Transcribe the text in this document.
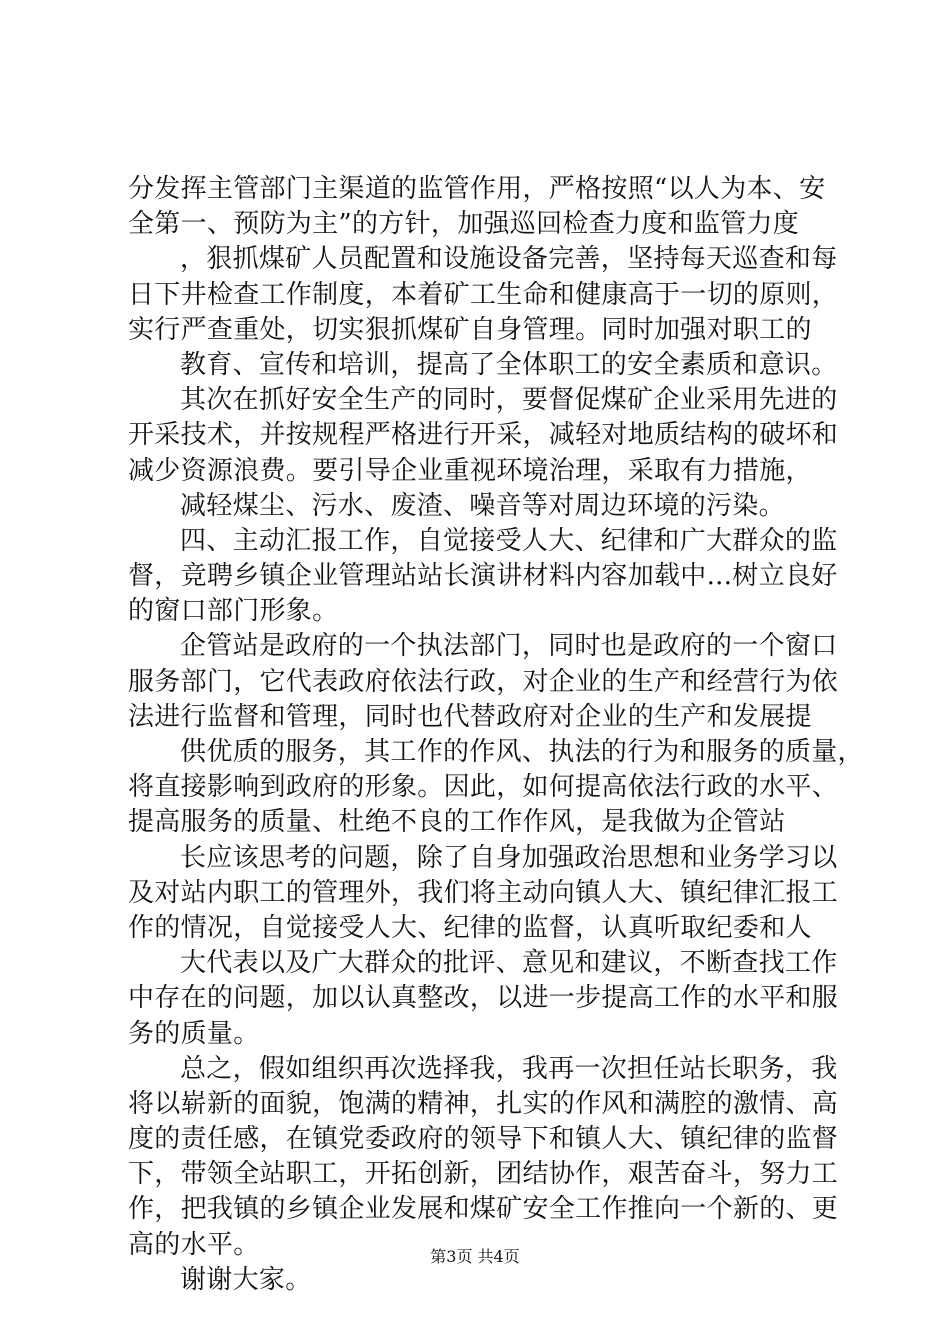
分发挥主管部门主渠道的监管作用，严格按照“以人为本、安
全第一、预防为主”的方针，加强巡回检查力度和监管力度
，狠抓煤矿人员配置和设施设备完善，坚持每天巡查和每
日下井检查工作制度，本着矿工生命和健康高于一切的原则，
实行严查重处，切实狠抓煤矿自身管理。同时加强对职工的
教育、宣传和培训，提高了全体职工的安全素质和意识。
其次在抓好安全生产的同时，要督促煤矿企业采用先进的
开采技术，并按规程严格进行开采，减轻对地质结构的破坏和
减少资源浪费。要引导企业重视环境治理，采取有力措施，
减轻煤尘、污水、废渣、噪音等对周边环境的污染。
四、主动汇报工作，自觉接受人大、纪律和广大群众的监
督，竞聘乡镇企业管理站站长演讲材料内容加载中...树立良好
的窗口部门形象。
企管站是政府的一个执法部门，同时也是政府的一个窗口
服务部门，它代表政府依法行政，对企业的生产和经营行为依
法进行监督和管理，同时也代替政府对企业的生产和发展提
供优质的服务，其工作的作风、执法的行为和服务的质量，
将直接影响到政府的形象。因此，如何提高依法行政的水平、
提高服务的质量、杜绝不良的工作作风，是我做为企管站
长应该思考的问题，除了自身加强政治思想和业务学习以
及对站内职工的管理外，我们将主动向镇人大、镇纪律汇报工
作的情况，自觉接受人大、纪律的监督，认真听取纪委和人
大代表以及广大群众的批评、意见和建议，不断查找工作
中存在的问题，加以认真整改，以进一步提高工作的水平和服
务的质量。
总之，假如组织再次选择我，我再一次担任站长职务，我
将以崭新的面貌，饱满的精神，扎实的作风和满腔的激情、高
度的责任感，在镇党委政府的领导下和镇人大、镇纪律的监督
下，带领全站职工，开拓创新，团结协作，艰苦奋斗，努力工
作，把我镇的乡镇企业发展和煤矿安全工作推向一个新的、更
高的水平。
谢谢大家。
第3页 共4页
